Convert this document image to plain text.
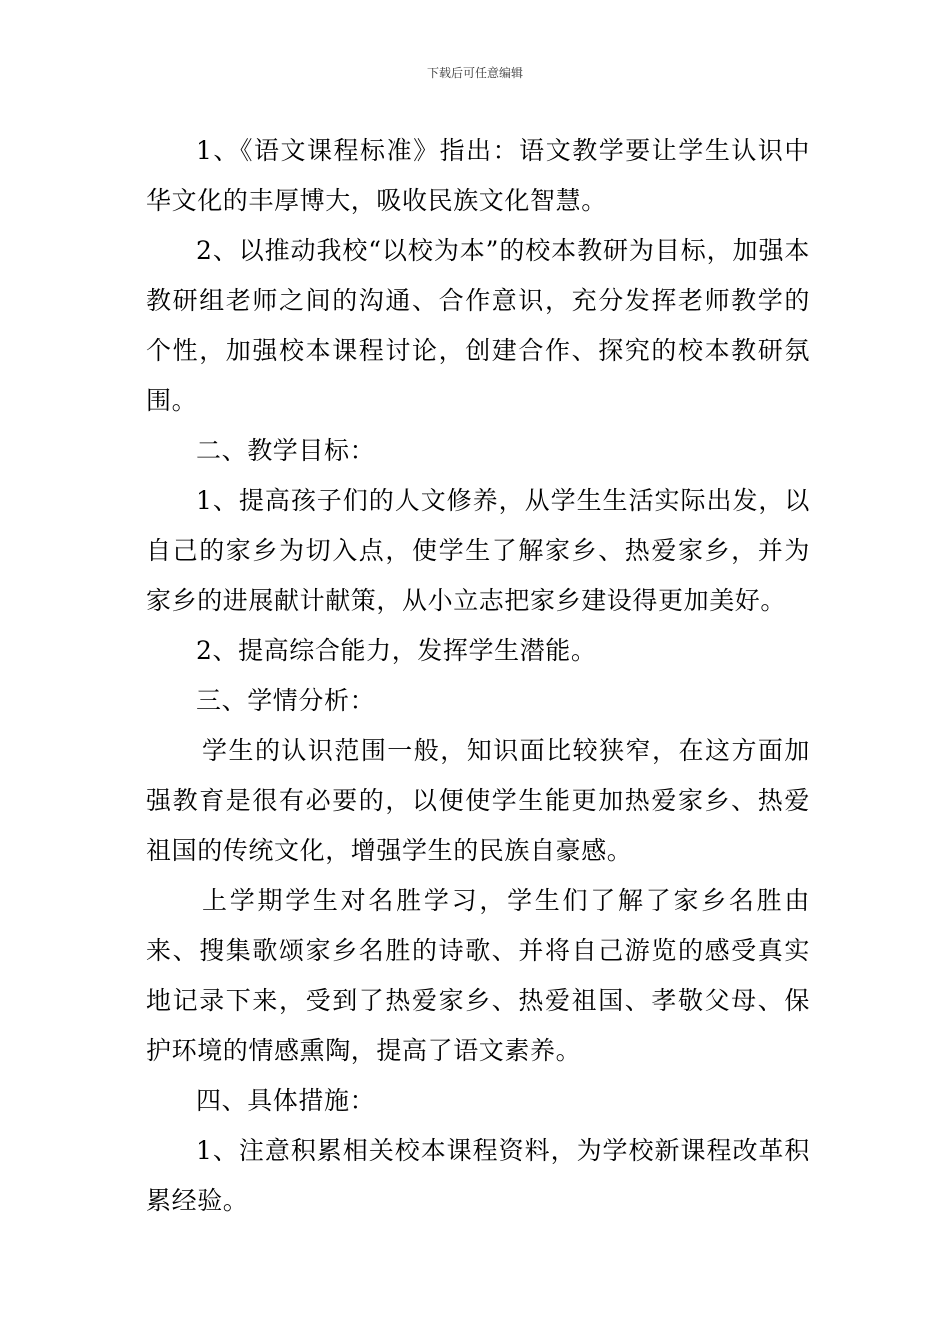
下载后可任意编辑

1、《语文课程标准》指出：语文教学要让学生认识中华文化的丰厚博大，吸收民族文化智慧。

2、以推动我校“以校为本”的校本教研为目标，加强本教研组老师之间的沟通、合作意识，充分发挥老师教学的个性，加强校本课程讨论，创建合作、探究的校本教研氛围。

二、教学目标：

1、提高孩子们的人文修养，从学生生活实际出发，以自己的家乡为切入点，使学生了解家乡、热爱家乡，并为家乡的进展献计献策，从小立志把家乡建设得更加美好。

2、提高综合能力，发挥学生潜能。

三、学情分析：

学生的认识范围一般，知识面比较狭窄，在这方面加强教育是很有必要的，以便使学生能更加热爱家乡、热爱祖国的传统文化，增强学生的民族自豪感。

上学期学生对名胜学习，学生们了解了家乡名胜由来、搜集歌颂家乡名胜的诗歌、并将自己游览的感受真实地记录下来，受到了热爱家乡、热爱祖国、孝敬父母、保护环境的情感熏陶，提高了语文素养。

四、具体措施：

1、注意积累相关校本课程资料，为学校新课程改革积累经验。
